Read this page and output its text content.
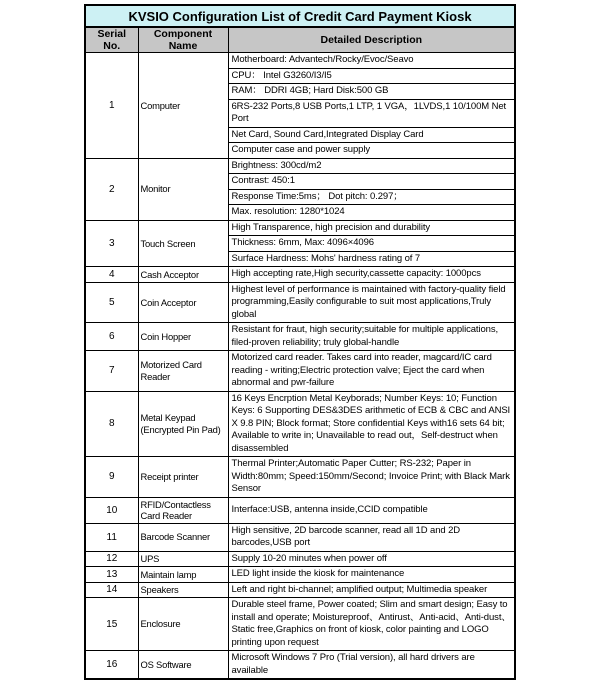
KVSIO Configuration List of Credit Card Payment Kiosk		
Serial No.	Component Name	Detailed Description
1	Computer	Motherboard: Advantech/Rocky/Evoc/Seavo
		CPU： Intel G3260/I3/I5
		RAM： DDRI 4GB; Hard Disk:500 GB
		6RS-232 Ports,8 USB Ports,1 LTP, 1 VGA，1LVDS,1 10/100M Net Port
		Net Card, Sound Card,Integrated Display Card
		Computer case and power supply
2	Monitor	Brightness: 300cd/m2
		Contrast: 450:1
		Response Time:5ms； Dot pitch: 0.297；
		Max. resolution: 1280*1024
3	Touch Screen	High Transparence, high precision and durability
		Thickness: 6mm, Max: 4096×4096
		Surface Hardness: Mohs' hardness rating of 7
4	Cash Acceptor	High accepting rate,High security,cassette capacity: 1000pcs
5	Coin Acceptor	Highest level of performance is maintained with factory-quality field programming,Easily configurable to suit most applications,Truly global
6	Coin Hopper	Resistant for fraut, high security;suitable for multiple applications, filed-proven reliability; truly global-handle
7	Motorized Card Reader	Motorized card reader. Takes card into reader, magcard/IC card reading - writing;Electric protection valve; Eject the card when abnormal and pwr-failure
8	Metal Keypad (Encrypted Pin Pad)	16 Keys Encrption Metal Keyborads; Number Keys: 10; Function Keys: 6 Supporting DES&3DES arithmetic of ECB & CBC and ANSI X 9.8 PIN; Block format; Store confidential Keys with16 sets 64 bit; Available to write in; Unavailable to read out，Self-destruct when disassembled
9	Receipt printer	Thermal Printer;Automatic Paper Cutter; RS-232; Paper in Width:80mm; Speed:150mm/Second; Invoice Print; with Black Mark Sensor
10	RFID/Contactless Card Reader	Interface:USB, antenna inside,CCID compatible
11	Barcode Scanner	High sensitive, 2D barcode scanner, read all 1D and 2D barcodes,USB port
12	UPS	Supply 10-20 minutes when power off
13	Maintain lamp	LED light inside the kiosk for maintenance
14	Speakers	Left and right bi-channel; amplified output; Multimedia speaker
15	Enclosure	Durable steel frame, Power coated; Slim and smart design; Easy to install and operate; Moistureproof、Antirust、Anti-acid、Anti-dust、Static free,Graphics on front of kiosk, color painting and LOGO printing upon request
16	OS Software	Microsoft Windows 7 Pro (Trial version), all hard drivers are available
